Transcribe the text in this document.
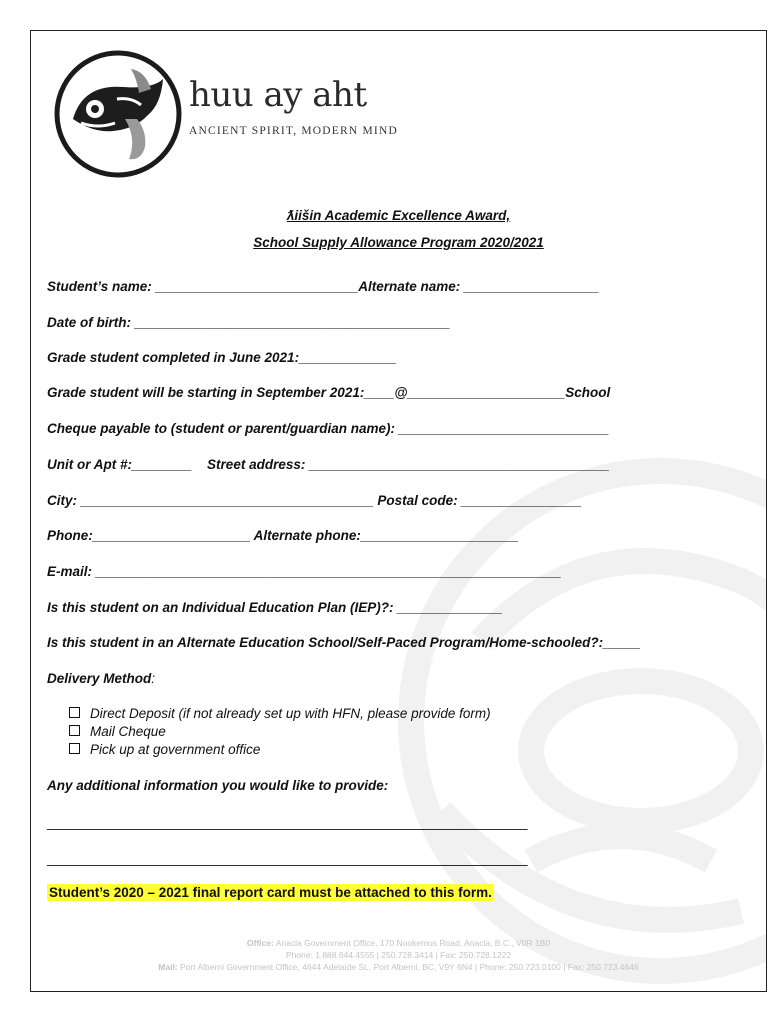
huu ay aht
ANCIENT SPIRIT, MODERN MIND
ƛiišin Academic Excellence Award,
School Supply Allowance Program 2020/2021
Student’s name: ___________________________Alternate name: __________________
Date of birth: __________________________________________
Grade student completed in June 2021:_____________
Grade student will be starting in September 2021:____@_____________________School
Cheque payable to (student or parent/guardian name): ____________________________
Unit or Apt #:________    Street address: ________________________________________
City: _______________________________________ Postal code: ________________
Phone:_____________________ Alternate phone:_____________________
E-mail: ______________________________________________________________
Is this student on an Individual Education Plan (IEP)?: ______________
Is this student in an Alternate Education School/Self-Paced Program/Home-schooled?:_____
Delivery Method:
Direct Deposit (if not already set up with HFN, please provide form)
Mail Cheque
Pick up at government office
Any additional information you would like to provide:
________________________________________________________________
________________________________________________________________
Student’s 2020 – 2021 final report card must be attached to this form.
Office: Anacla Government Office, 170 Nookemus Road, Anacla, B.C., V0R 1B0
Phone: 1.888.644.4555 | 250.728.3414 | Fax: 250.728.1222
Mail: Port Alberni Government Office, 4644 Adelaide St., Port Alberni, BC, V9Y 6N4 | Phone: 250.723.0100 | Fax: 250.723.4646
